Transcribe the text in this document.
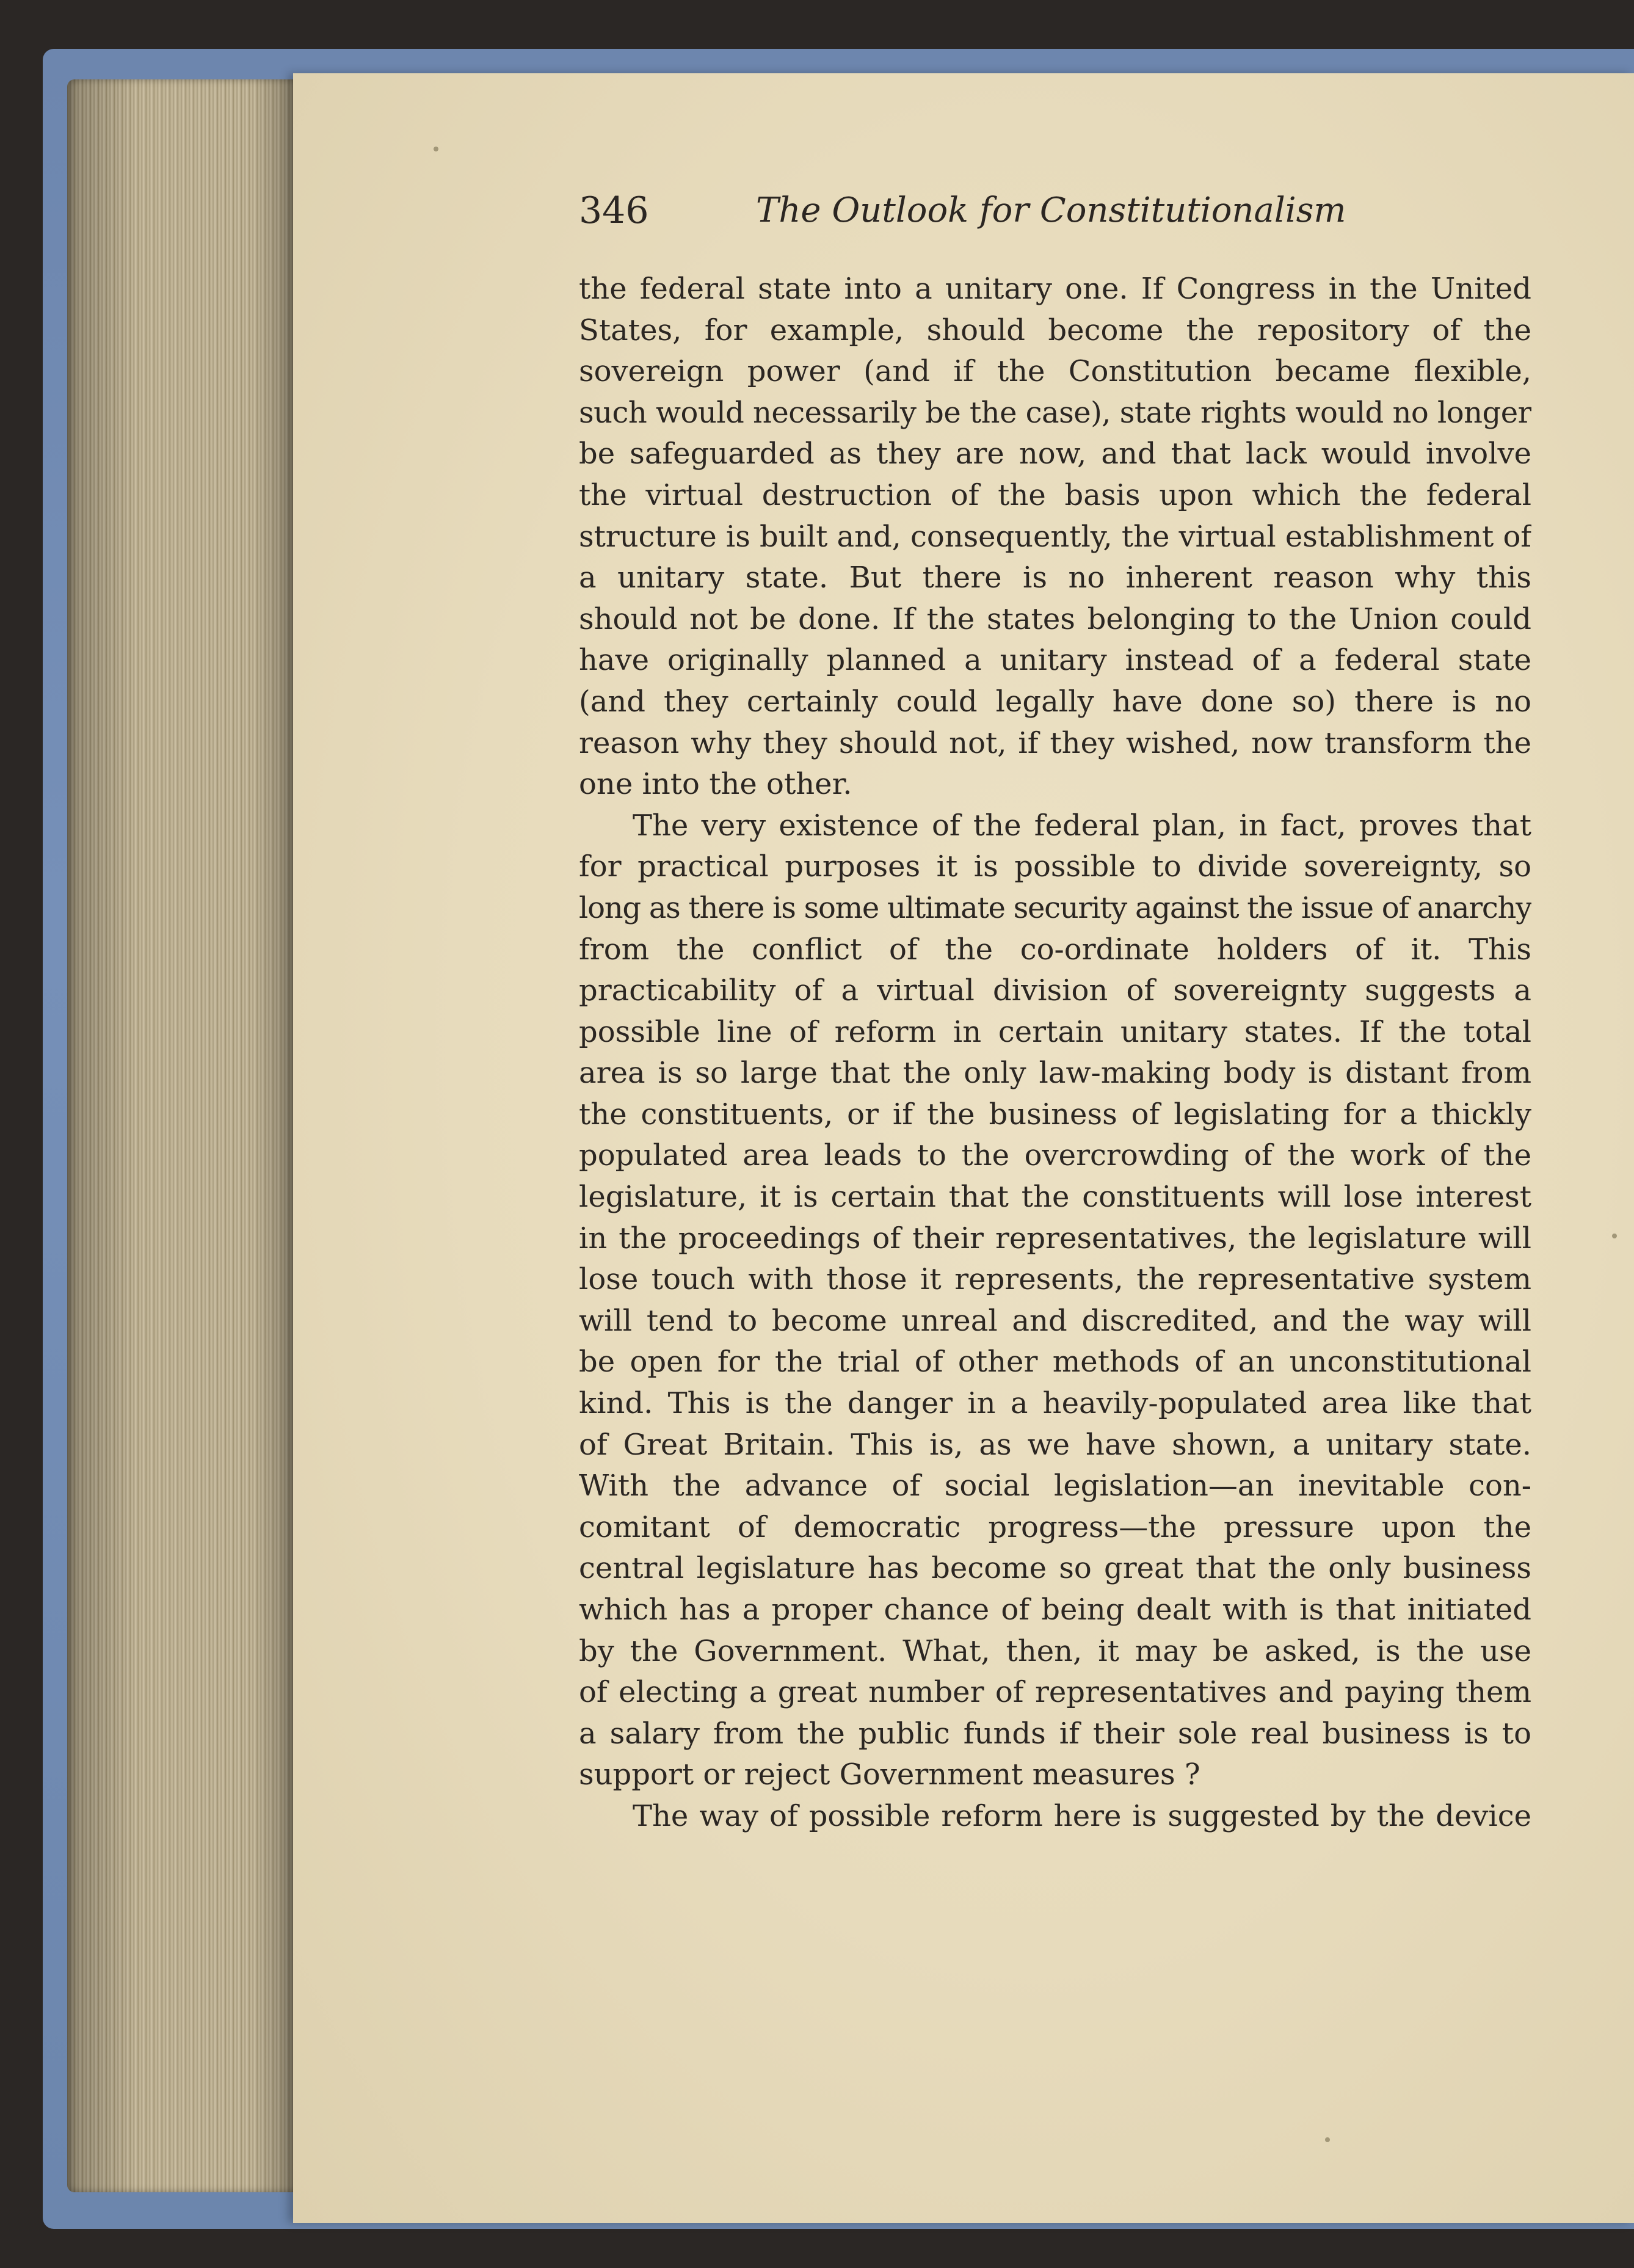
346	The Outlook for Constitutionalism
the federal state into a unitary one. If Congress in the United
States, for example, should become the repository of the
sovereign power (and if the Constitution became flexible,
such would necessarily be the case), state rights would no longer
be safeguarded as they are now, and that lack would involve
the virtual destruction of the basis upon which the federal
structure is built and, consequently, the virtual establishment of
a unitary state. But there is no inherent reason why this
should not be done. If the states belonging to the Union could
have originally planned a unitary instead of a federal state
(and they certainly could legally have done so) there is no
reason why they should not, if they wished, now transform the
one into the other.
The very existence of the federal plan, in fact, proves that
for practical purposes it is possible to divide sovereignty, so
long as there is some ultimate security against the issue of anarchy
from the conflict of the co-ordinate holders of it. This
practicability of a virtual division of sovereignty suggests a
possible line of reform in certain unitary states. If the total
area is so large that the only law-making body is distant from
the constituents, or if the business of legislating for a thickly
populated area leads to the overcrowding of the work of the
legislature, it is certain that the constituents will lose interest
in the proceedings of their representatives, the legislature will
lose touch with those it represents, the representative system
will tend to become unreal and discredited, and the way will
be open for the trial of other methods of an unconstitutional
kind. This is the danger in a heavily-populated area like that
of Great Britain. This is, as we have shown, a unitary state.
With the advance of social legislation—an inevitable con-
comitant of democratic progress—the pressure upon the
central legislature has become so great that the only business
which has a proper chance of being dealt with is that initiated
by the Government. What, then, it may be asked, is the use
of electing a great number of representatives and paying them
a salary from the public funds if their sole real business is to
support or reject Government measures ?
The way of possible reform here is suggested by the device
